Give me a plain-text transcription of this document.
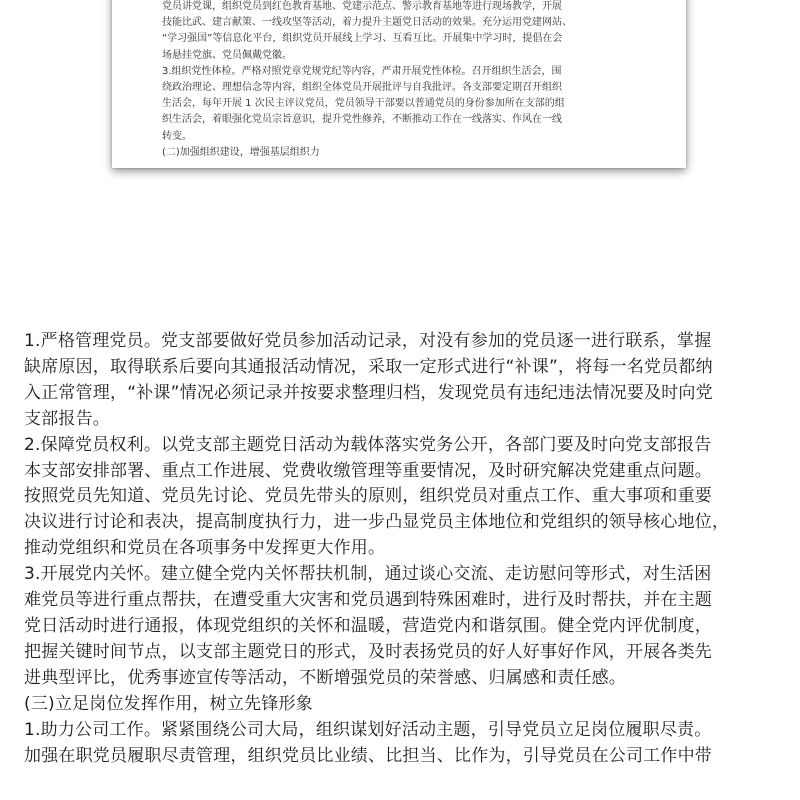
党员讲党课，组织党员到红色教育基地、党建示范点、警示教育基地等进行现场教学，开展

技能比武、建言献策、一线攻坚等活动，着力提升主题党日活动的效果。充分运用党建网站、

“学习强国”等信息化平台，组织党员开展线上学习、互看互比。开展集中学习时，提倡在会

场悬挂党旗、党员佩戴党徽。

3.组织党性体检。严格对照党章党规党纪等内容，严肃开展党性体检。召开组织生活会，围

绕政治理论、理想信念等内容，组织全体党员开展批评与自我批评。各支部要定期召开组织

生活会，每年开展 1 次民主评议党员，党员领导干部要以普通党员的身份参加所在支部的组

织生活会，着眼强化党员宗旨意识，提升党性修养，不断推动工作在一线落实、作风在一线

转变。

(二)加强组织建设，增强基层组织力

1.严格管理党员。党支部要做好党员参加活动记录，对没有参加的党员逐一进行联系，掌握
缺席原因，取得联系后要向其通报活动情况，采取一定形式进行“补课”，将每一名党员都纳
入正常管理，“补课”情况必须记录并按要求整理归档，发现党员有违纪违法情况要及时向党
支部报告。
2.保障党员权利。以党支部主题党日活动为载体落实党务公开，各部门要及时向党支部报告
本支部安排部署、重点工作进展、党费收缴管理等重要情况，及时研究解决党建重点问题。
按照党员先知道、党员先讨论、党员先带头的原则，组织党员对重点工作、重大事项和重要
决议进行讨论和表决，提高制度执行力，进一步凸显党员主体地位和党组织的领导核心地位，
推动党组织和党员在各项事务中发挥更大作用。
3.开展党内关怀。建立健全党内关怀帮扶机制，通过谈心交流、走访慰问等形式，对生活困
难党员等进行重点帮扶，在遭受重大灾害和党员遇到特殊困难时，进行及时帮扶，并在主题
党日活动时进行通报，体现党组织的关怀和温暖，营造党内和谐氛围。健全党内评优制度，
把握关键时间节点，以支部主题党日的形式，及时表扬党员的好人好事好作风，开展各类先
进典型评比，优秀事迹宣传等活动，不断增强党员的荣誉感、归属感和责任感。
(三)立足岗位发挥作用，树立先锋形象
1.助力公司工作。紧紧围绕公司大局，组织谋划好活动主题，引导党员立足岗位履职尽责。
加强在职党员履职尽责管理，组织党员比业绩、比担当、比作为，引导党员在公司工作中带
